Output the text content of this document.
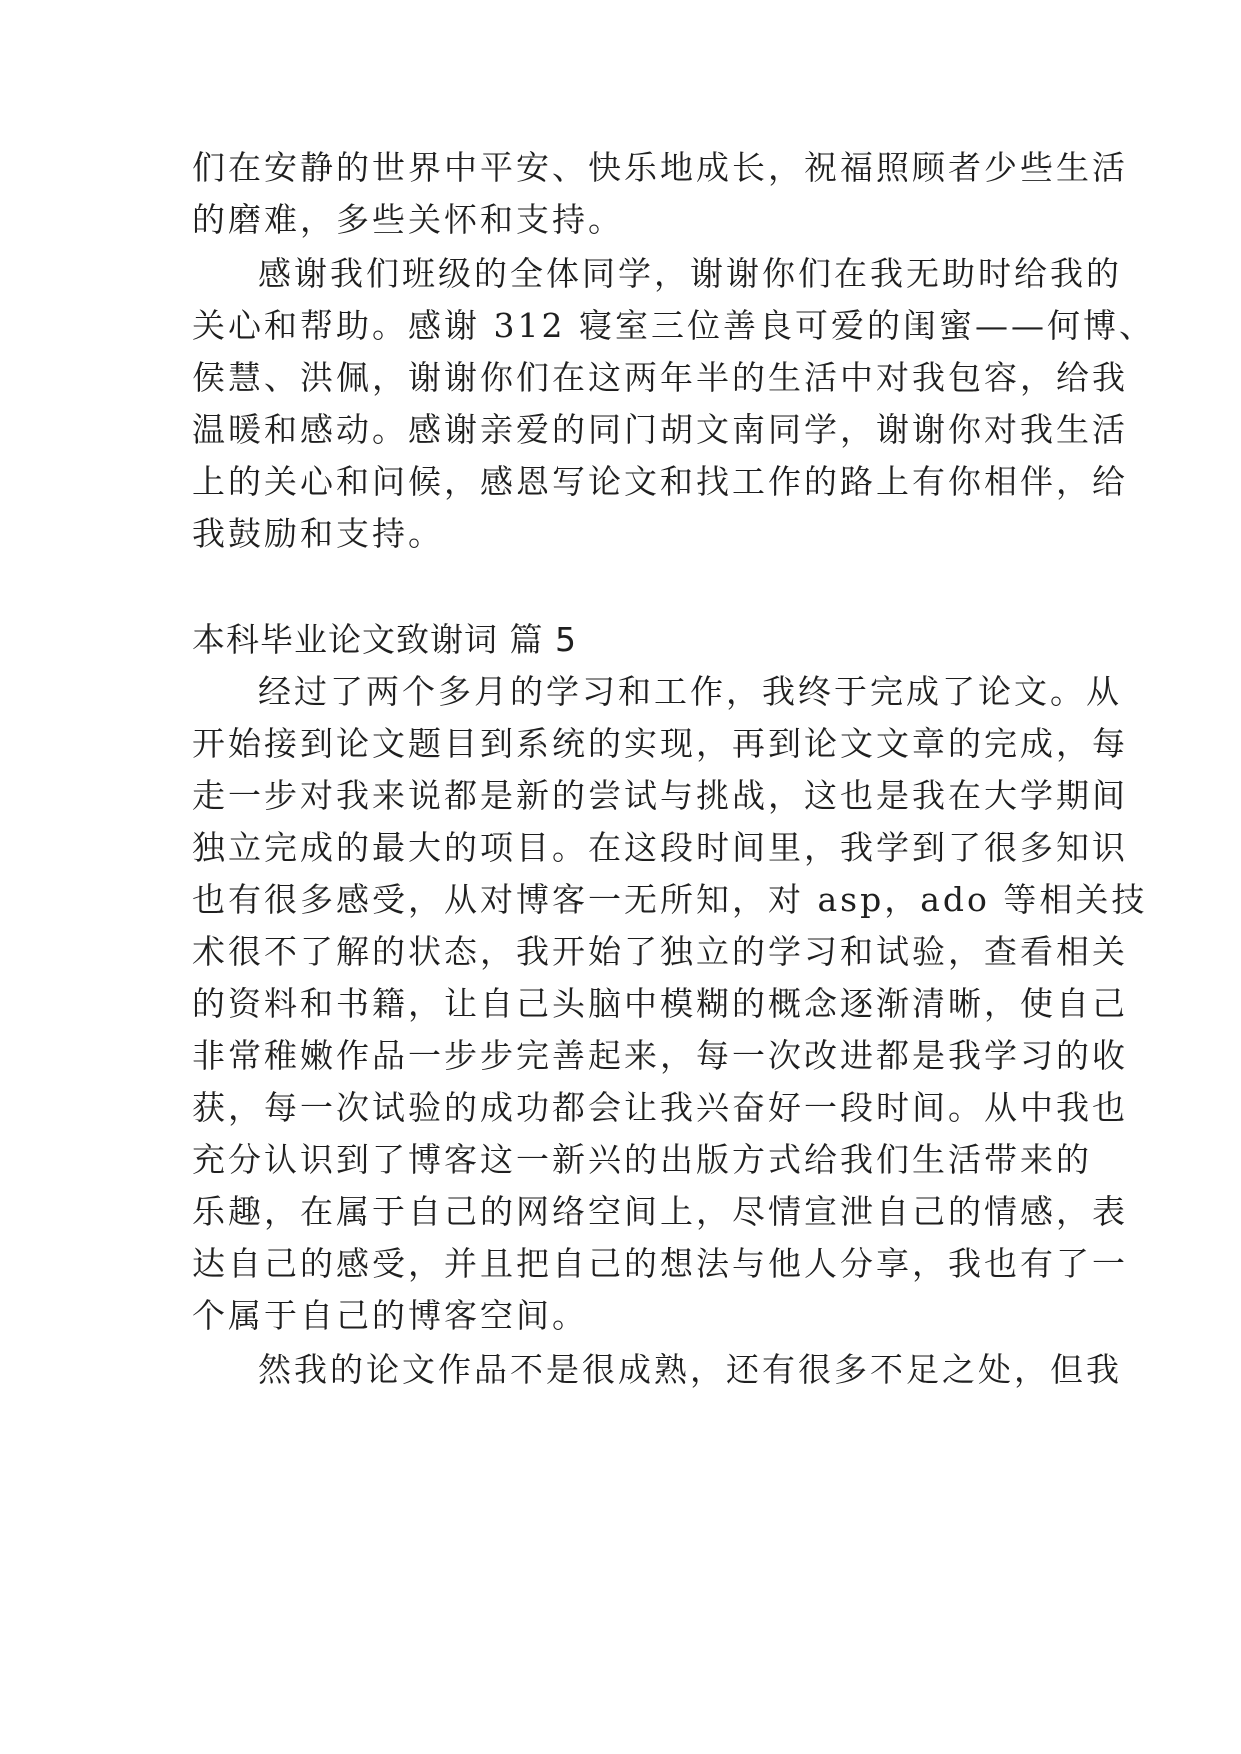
们在安静的世界中平安、快乐地成长，祝福照顾者少些生活
的磨难，多些关怀和支持。
感谢我们班级的全体同学，谢谢你们在我无助时给我的
关心和帮助。感谢 312 寝室三位善良可爱的闺蜜——何博、
侯慧、洪佩，谢谢你们在这两年半的生活中对我包容，给我
温暖和感动。感谢亲爱的同门胡文南同学，谢谢你对我生活
上的关心和问候，感恩写论文和找工作的路上有你相伴，给
我鼓励和支持。
本科毕业论文致谢词 篇 5
经过了两个多月的学习和工作，我终于完成了论文。从
开始接到论文题目到系统的实现，再到论文文章的完成，每
走一步对我来说都是新的尝试与挑战，这也是我在大学期间
独立完成的最大的项目。在这段时间里，我学到了很多知识
也有很多感受，从对博客一无所知，对 asp，ado 等相关技
术很不了解的状态，我开始了独立的学习和试验，查看相关
的资料和书籍，让自己头脑中模糊的概念逐渐清晰，使自己
非常稚嫩作品一步步完善起来，每一次改进都是我学习的收
获，每一次试验的成功都会让我兴奋好一段时间。从中我也
充分认识到了博客这一新兴的出版方式给我们生活带来的
乐趣，在属于自己的网络空间上，尽情宣泄自己的情感，表
达自己的感受，并且把自己的想法与他人分享，我也有了一
个属于自己的博客空间。
然我的论文作品不是很成熟，还有很多不足之处，但我
